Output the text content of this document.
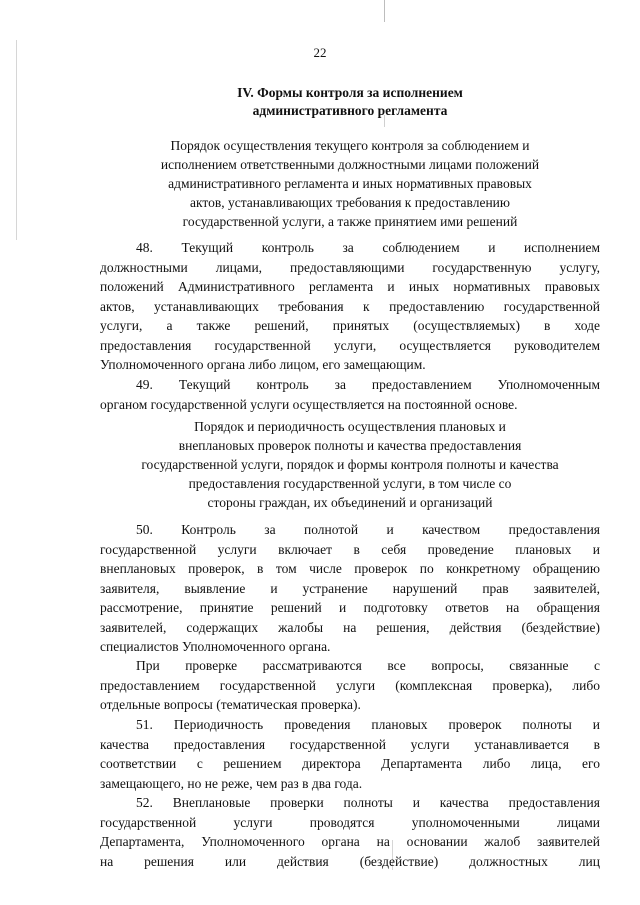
22
IV. Формы контроля за исполнением
административного регламента
Порядок осуществления текущего контроля за соблюдением и
исполнением ответственными должностными лицами положений
административного регламента и иных нормативных правовых
актов, устанавливающих требования к предоставлению
государственной услуги, а также принятием ими решений
48. Текущий контроль за соблюдением и исполнением
должностными лицами, предоставляющими государственную услугу,
положений Административного регламента и иных нормативных правовых
актов, устанавливающих требования к предоставлению государственной
услуги, а также решений, принятых (осуществляемых) в ходе
предоставления государственной услуги, осуществляется руководителем
Уполномоченного органа либо лицом, его замещающим.
49. Текущий контроль за предоставлением Уполномоченным
органом государственной услуги осуществляется на постоянной основе.
Порядок и периодичность осуществления плановых и
внеплановых проверок полноты и качества предоставления
государственной услуги, порядок и формы контроля полноты и качества
предоставления государственной услуги, в том числе со
стороны граждан, их объединений и организаций
50. Контроль за полнотой и качеством предоставления
государственной услуги включает в себя проведение плановых и
внеплановых проверок, в том числе проверок по конкретному обращению
заявителя, выявление и устранение нарушений прав заявителей,
рассмотрение, принятие решений и подготовку ответов на обращения
заявителей, содержащих жалобы на решения, действия (бездействие)
специалистов Уполномоченного органа.
При проверке рассматриваются все вопросы, связанные с
предоставлением государственной услуги (комплексная проверка), либо
отдельные вопросы (тематическая проверка).
51. Периодичность проведения плановых проверок полноты и
качества предоставления государственной услуги устанавливается в
соответствии с решением директора Департамента либо лица, его
замещающего, но не реже, чем раз в два года.
52. Внеплановые проверки полноты и качества предоставления
государственной услуги проводятся уполномоченными лицами
Департамента, Уполномоченного органа на основании жалоб заявителей
на решения или действия (бездействие) должностных лиц
